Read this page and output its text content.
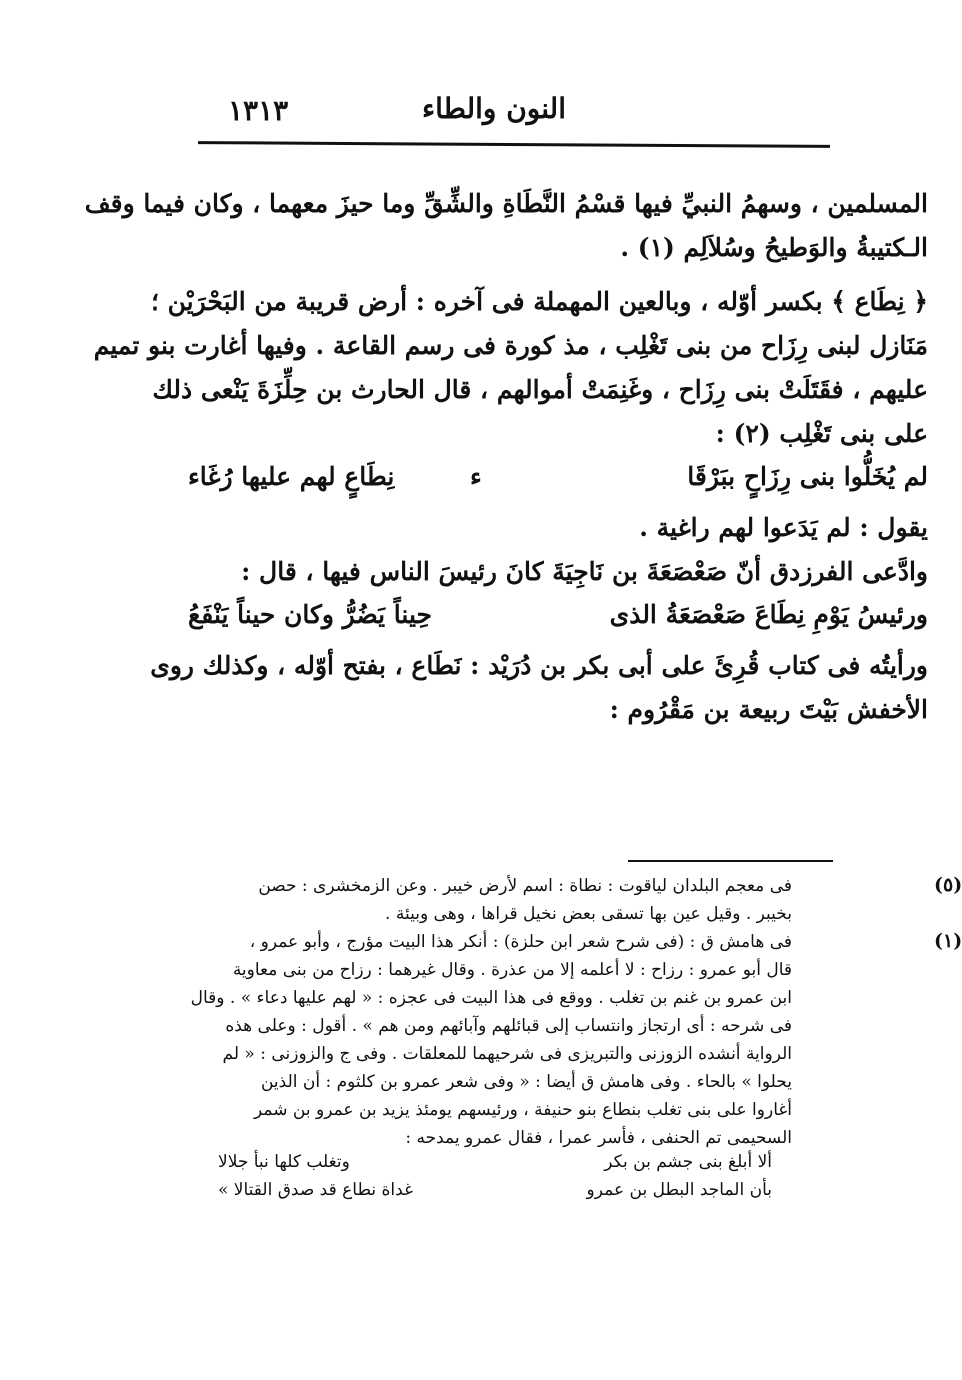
١٣١٣	النون والطاء
المسلمين ، وسهمُ النبيِّ فيها قسْمُ النَّطَاةِ والشِّقِّ وما حيزَ معهما ، وكان فيما وقف
الـكتيبةُ والوَطيحُ وسُلاَلِم (١) .
﴿ نِطَاع ﴾ بكسر أوّله ، وبالعين المهملة فى آخره : أرض قريبة من البَحْرَيْن ؛
مَنَازل لبنى رِزَاح من بنى تَغْلِب ، مذ كورة فى رسم القاعة . وفيها أغارت بنو تميم
عليهم ، فقَتَلَتْ بنى رِزَاح ، وغَنِمَتْ أموالهم ، قال الحارث بن حِلِّزَةَ يَنْعى ذلك
على بنى تَغْلِب (٢) :
لم يُخَلُّوا بنى رِزَاحٍ ببَرْقَا
ء
نِطَاعٍ لهم عليها رُغَاء
يقول : لم يَدَعوا لهم راغية .
وادَّعى الفرزدق أنّ صَعْصَعَةَ بن نَاجِيَةَ كانَ رئيسَ الناس فيها ، قال :
ورئيسُ يَوْمِ نِطَاعَ صَعْصَعَةُ الذى
حِيناً يَضُرُّ وكان حيناً يَنْفَعُ
ورأيتُه فى كتاب قُرِئَ على أبى بكر بن دُرَيْد : نَطَاع ، بفتح أوّله ، وكذلك روى
الأخفش بَيْتَ ربيعة بن مَقْرُوم :
(٥)
فى معجم البلدان لياقوت : نطاة : اسم لأرض خيبر . وعن الزمخشرى : حصن
بخيبر . وقيل عين بها تسقى بعض نخيل قراها ، وهى وبيئة .
(١)
فى هامش ق : (فى شرح شعر ابن حلزة) : أنكر هذا البيت مؤرج ، وأبو عمرو ،
قال أبو عمرو : رزاح : لا أعلمه إلا من عذرة . وقال غيرهما : رزاح من بنى معاوية
ابن عمرو بن غنم بن تغلب . ووقع فى هذا البيت فى عجزه : « لهم عليها دعاء » . وقال
فى شرحه : أى ارتجاز وانتساب إلى قبائلهم وآبائهم ومن هم » . أقول : وعلى هذه
الرواية أنشده الزوزنى والتبريزى فى شرحيهما للمعلقات . وفى ج والزوزنى : « لم
يحلوا » بالحاء . وفى هامش ق أيضا : « وفى شعر عمرو بن كلثوم : أن الذين
أغاروا على بنى تغلب بنطاع بنو حنيفة ، ورئيسهم يومئذ يزيد بن عمرو بن شمر
السحيمى تم الحنفى ، فأسر عمرا ، فقال عمرو يمدحه :
ألا أبلغ بنى جشم بن بكر
وتغلب كلها نبأ جلالا
بأن الماجد البطل بن عمرو
غداة نطاع قد صدق القتالا »
